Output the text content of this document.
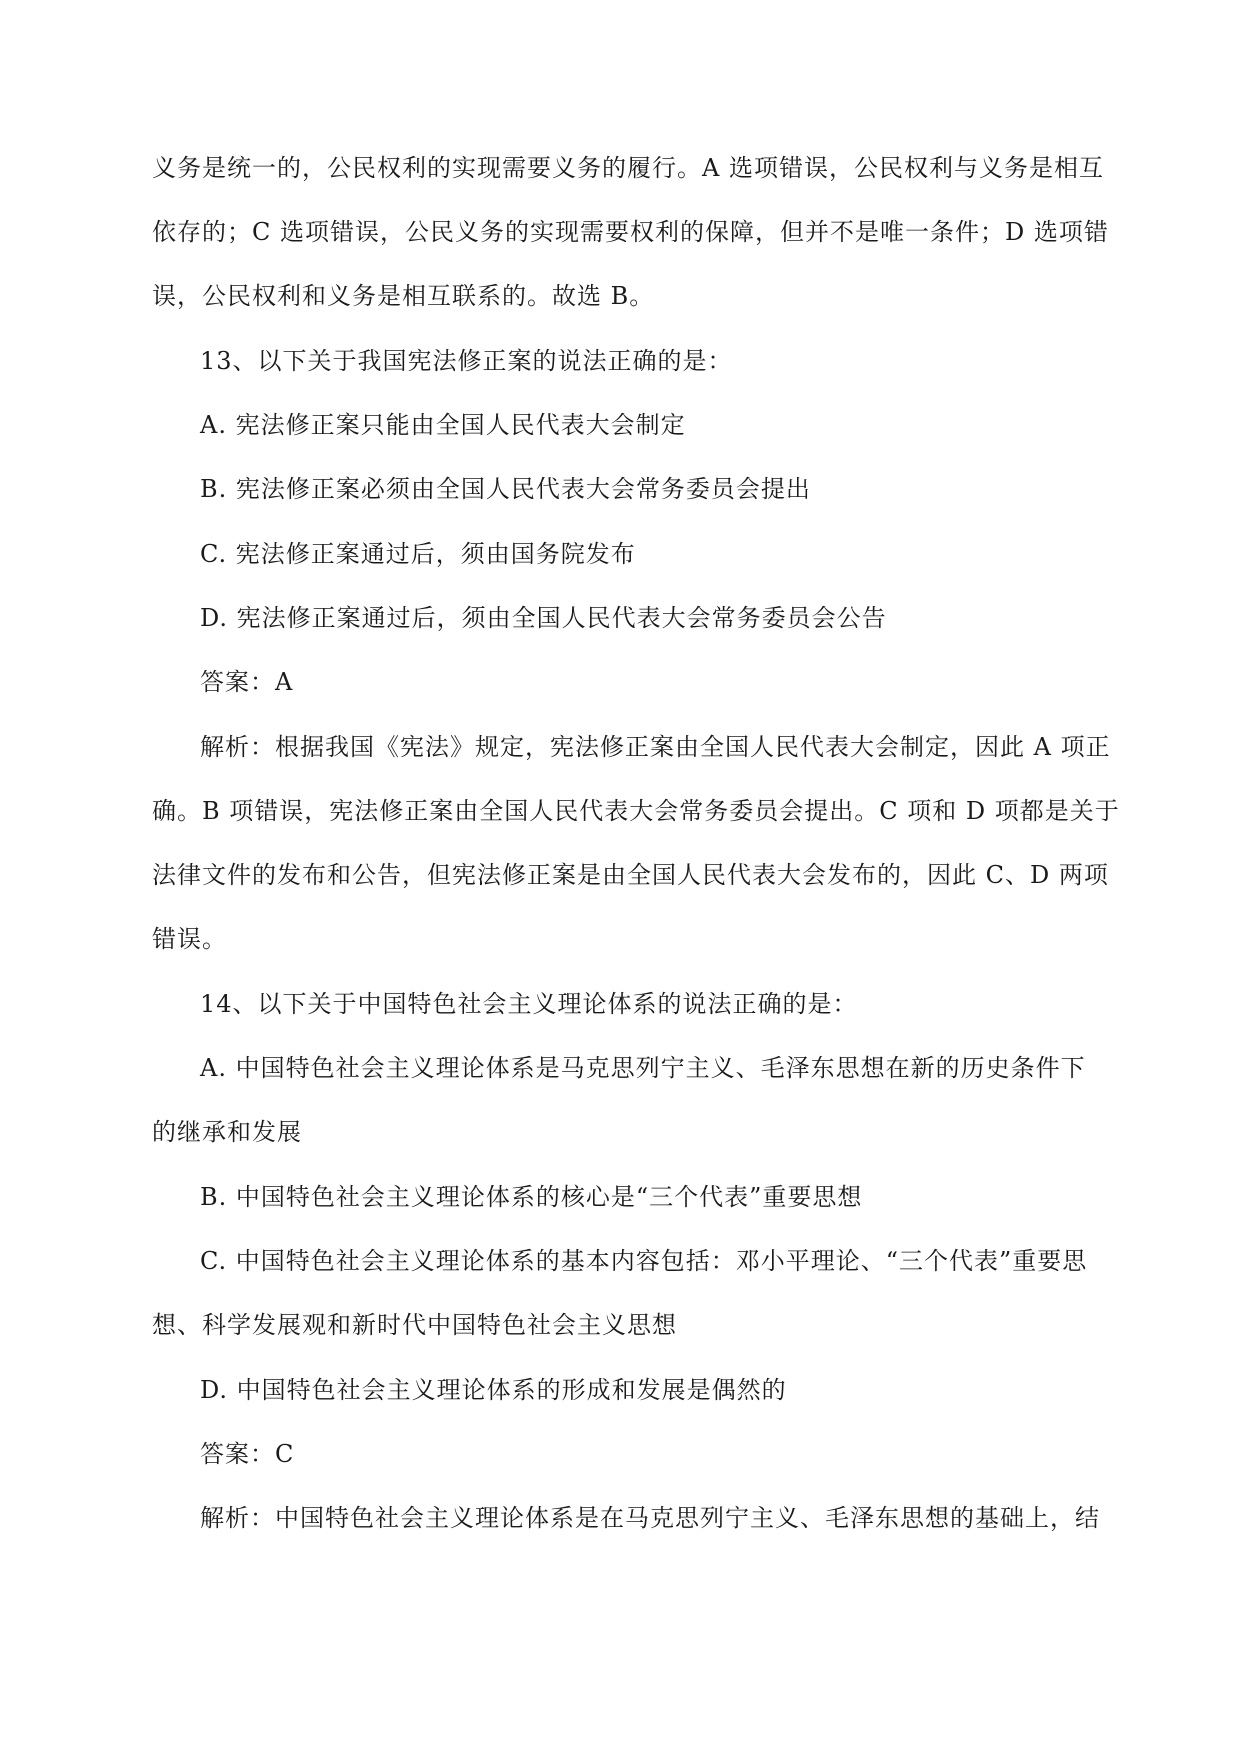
义务是统一的，公民权利的实现需要义务的履行。A 选项错误，公民权利与义务是相互
依存的；C 选项错误，公民义务的实现需要权利的保障，但并不是唯一条件；D 选项错
误，公民权利和义务是相互联系的。故选 B。
13、以下关于我国宪法修正案的说法正确的是：
A. 宪法修正案只能由全国人民代表大会制定
B. 宪法修正案必须由全国人民代表大会常务委员会提出
C. 宪法修正案通过后，须由国务院发布
D. 宪法修正案通过后，须由全国人民代表大会常务委员会公告
答案：A
解析：根据我国《宪法》规定，宪法修正案由全国人民代表大会制定，因此 A 项正
确。B 项错误，宪法修正案由全国人民代表大会常务委员会提出。C 项和 D 项都是关于
法律文件的发布和公告，但宪法修正案是由全国人民代表大会发布的，因此 C、D 两项
错误。
14、以下关于中国特色社会主义理论体系的说法正确的是：
A. 中国特色社会主义理论体系是马克思列宁主义、毛泽东思想在新的历史条件下
的继承和发展
B. 中国特色社会主义理论体系的核心是“三个代表”重要思想
C. 中国特色社会主义理论体系的基本内容包括：邓小平理论、“三个代表”重要思
想、科学发展观和新时代中国特色社会主义思想
D. 中国特色社会主义理论体系的形成和发展是偶然的
答案：C
解析：中国特色社会主义理论体系是在马克思列宁主义、毛泽东思想的基础上，结
